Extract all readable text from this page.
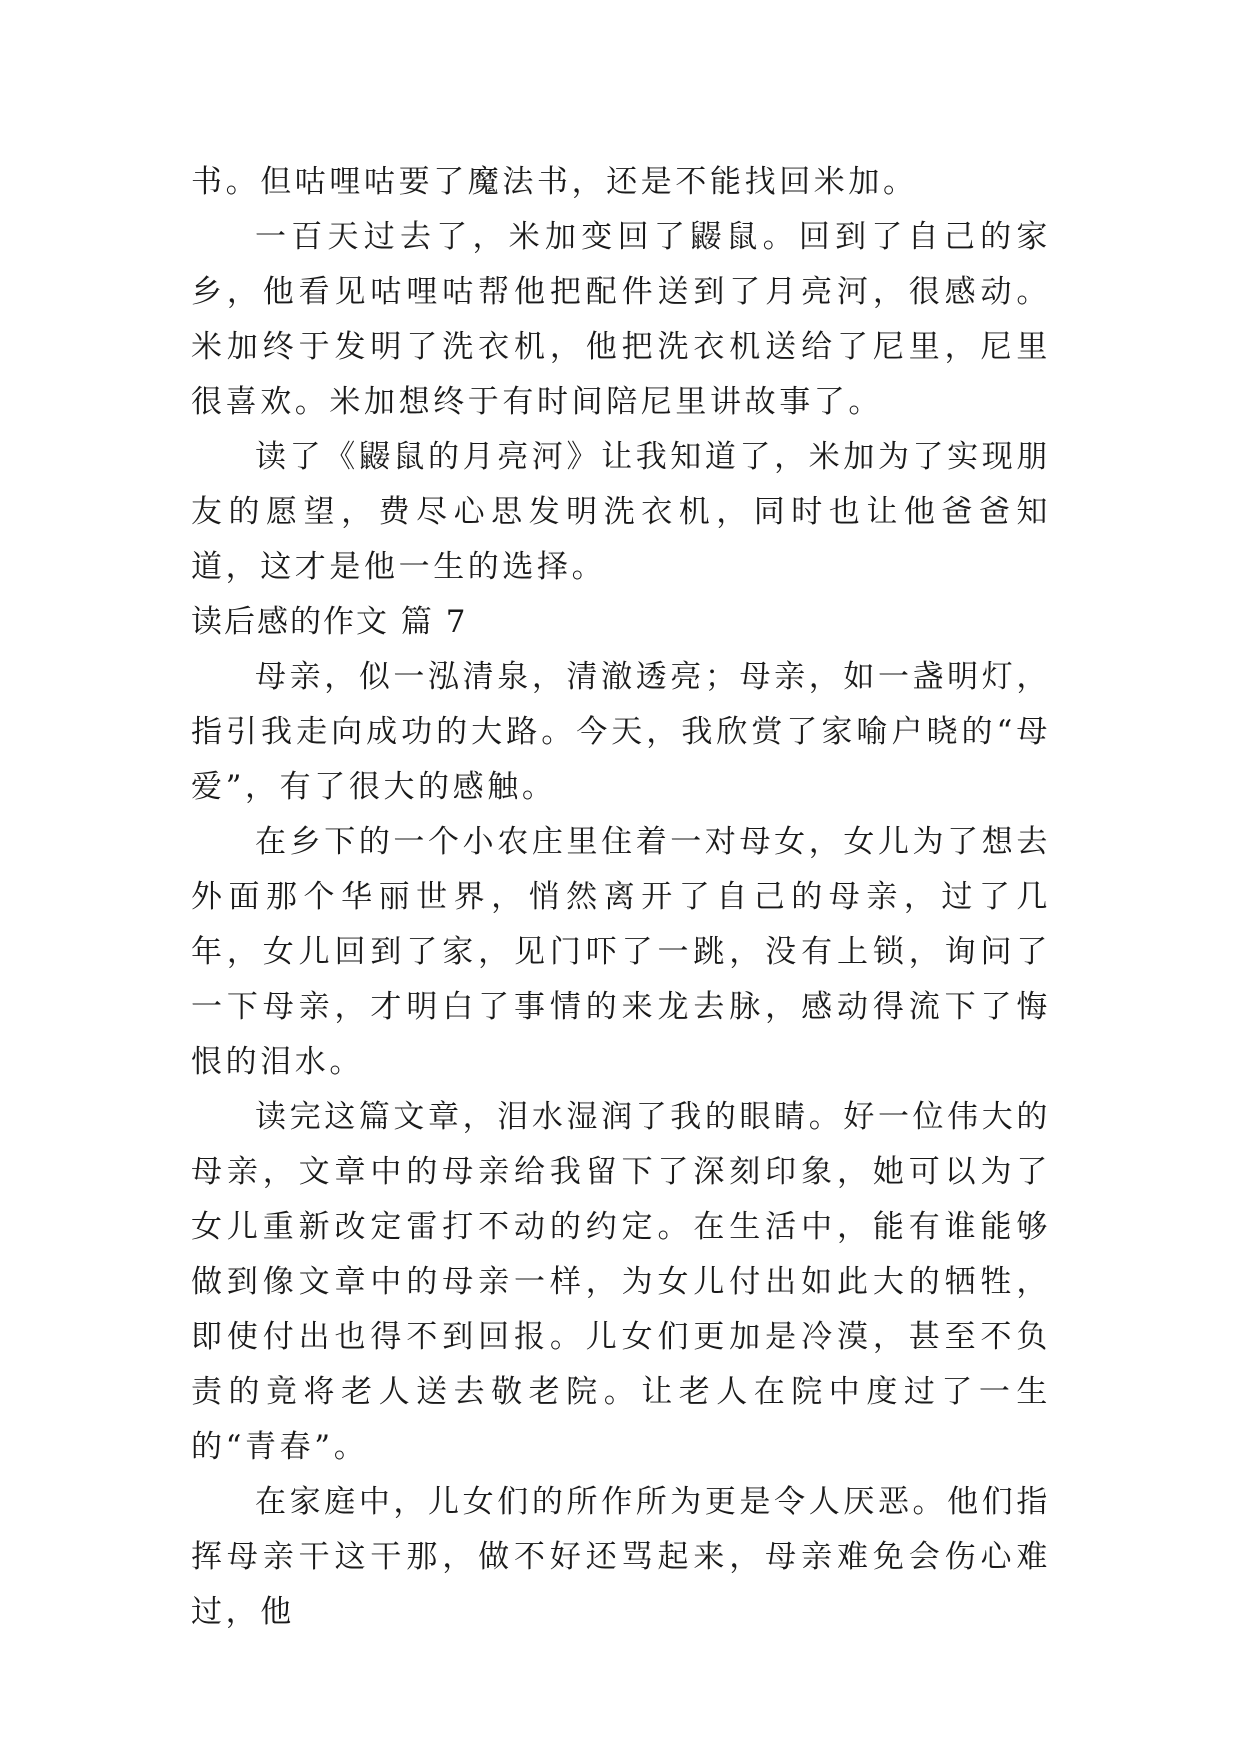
书。但咕哩咕要了魔法书，还是不能找回米加。

一百天过去了，米加变回了鼹鼠。回到了自己的家乡，他看见咕哩咕帮他把配件送到了月亮河，很感动。米加终于发明了洗衣机，他把洗衣机送给了尼里，尼里很喜欢。米加想终于有时间陪尼里讲故事了。

读了《鼹鼠的月亮河》让我知道了，米加为了实现朋友的愿望，费尽心思发明洗衣机，同时也让他爸爸知道，这才是他一生的选择。

读后感的作文 篇 7

母亲，似一泓清泉，清澈透亮；母亲，如一盏明灯，指引我走向成功的大路。今天，我欣赏了家喻户晓的“母爱”，有了很大的感触。

在乡下的一个小农庄里住着一对母女，女儿为了想去外面那个华丽世界，悄然离开了自己的母亲，过了几年，女儿回到了家，见门吓了一跳，没有上锁，询问了一下母亲，才明白了事情的来龙去脉，感动得流下了悔恨的泪水。

读完这篇文章，泪水湿润了我的眼睛。好一位伟大的母亲，文章中的母亲给我留下了深刻印象，她可以为了女儿重新改定雷打不动的约定。在生活中，能有谁能够做到像文章中的母亲一样，为女儿付出如此大的牺牲，即使付出也得不到回报。儿女们更加是冷漠，甚至不负责的竟将老人送去敬老院。让老人在院中度过了一生的“青春”。

在家庭中，儿女们的所作所为更是令人厌恶。他们指挥母亲干这干那，做不好还骂起来，母亲难免会伤心难过，他
